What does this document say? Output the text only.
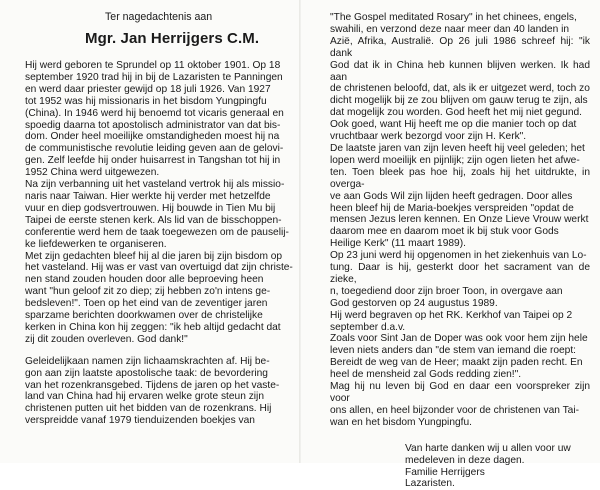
Ter nagedachtenis aan
Mgr. Jan Herrijgers C.M.

Hij werd geboren te Sprundel op 11 oktober 1901. Op 18
september 1920 trad hij in bij de Lazaristen te Panningen
en werd daar priester gewijd op 18 juli 1926. Van 1927
tot 1952 was hij missionaris in het bisdom Yungpingfu
(China). In 1946 werd hij benoemd tot vicaris generaal en
spoedig daarna tot apostolisch administrator van dat bis-
dom. Onder heel moeilijke omstandigheden moest hij na
de communistische revolutie leiding geven aan de gelovi-
gen. Zelf leefde hij onder huisarrest in Tangshan tot hij in
1952 China werd uitgewezen.

Na zijn verbanning uit het vasteland vertrok hij als missio-
naris naar Taiwan. Hier werkte hij verder met hetzelfde
vuur en diep godsvertrouwen. Hij bouwde in Tien Mu bij
Taipei de eerste stenen kerk. Als lid van de bisschoppen-
conferentie werd hem de taak toegewezen om de pauselij-
ke liefdewerken te organiseren.

Met zijn gedachten bleef hij al die jaren bij zijn bisdom op
het vasteland. Hij was er vast van overtuigd dat zijn christe-
nen stand zouden houden door alle beproeving heen
want "hun geloof zit zo diep; zij hebben zo'n intens ge-
bedsleven!". Toen op het eind van de zeventiger jaren
sparzame berichten doorkwamen over de christelijke
kerken in China kon hij zeggen: "ik heb altijd gedacht dat
zij dit zouden overleven. God dank!"

Geleidelijkaan namen zijn lichaamskrachten af. Hij be-
gon aan zijn laatste apostolische taak: de bevordering
van het rozenkransgebed. Tijdens de jaren op het vaste-
land van China had hij ervaren welke grote steun zijn
christenen putten uit het bidden van de rozenkrans. Hij
verspreidde vanaf 1979 tienduizenden boekjes van

"The Gospel meditated Rosary" in het chinees, engels,
swahili, en verzond deze naar meer dan 40 landen in
Azië, Afrika, Australië. Op 26 juli 1986 schreef hij: "ik dank
God dat ik in China heb kunnen blijven werken. Ik had aan
de christenen beloofd, dat, als ik er uitgezet werd, toch zo
dicht mogelijk bij ze zou blijven om gauw terug te zijn, als
dat mogelijk zou worden. God heeft het mij niet gegund.
Ook goed, want Hij heeft me op die manier toch op dat
vruchtbaar werk bezorgd voor zijn H. Kerk".

De laatste jaren van zijn leven heeft hij veel geleden; het
lopen werd moeilijk en pijnlijk; zijn ogen lieten het afwe-
ten. Toen bleek pas hoe hij, zoals hij het uitdrukte, in overga-
ve aan Gods Wil zijn lijden heeft gedragen. Door alles
heen bleef hij de Maria-boekjes verspreiden "opdat de
mensen Jezus leren kennen. En Onze Lieve Vrouw werkt
daarom mee en daarom moet ik bij stuk voor Gods
Heilige Kerk" (11 maart 1989).

Op 23 juni werd hij opgenomen in het ziekenhuis van Lo-
tung. Daar is hij, gesterkt door het sacrament van de zieke,
n, toegediend door zijn broer Toon, in overgave aan
God gestorven op 24 augustus 1989.

Hij werd begraven op het RK. Kerkhof van Taipei op 2
september d.a.v.

Zoals voor Sint Jan de Doper was ook voor hem zijn hele
leven niets anders dan "de stem van iemand die roept:
Bereidt de weg van de Heer; maakt zijn paden recht. En
heel de mensheid zal Gods redding zien!".

Mag hij nu leven bij God en daar een voorspreker zijn voor
ons allen, en heel bijzonder voor de christenen van Tai-
wan en het bisdom Yungpingfu.

Van harte danken wij u allen voor uw
medeleven in deze dagen.
Familie Herrijgers
Lazaristen.
